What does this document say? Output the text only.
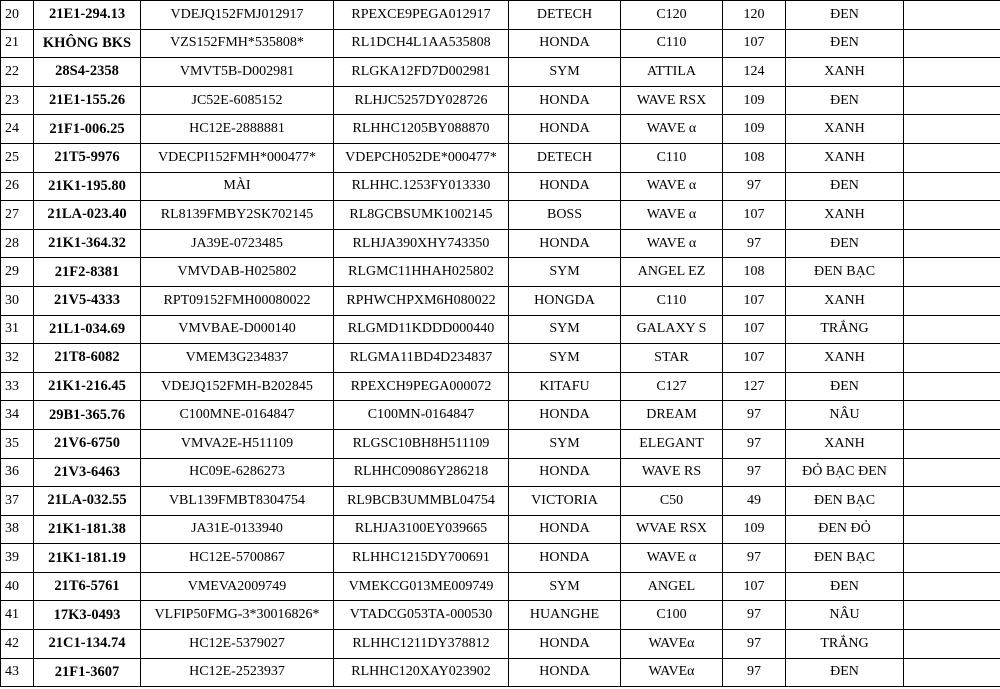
20	21E1-294.13	VDEJQ152FMJ012917	RPEXCE9PEGA012917	DETECH	C120	120	ĐEN	
21	KHÔNG BKS	VZS152FMH*535808*	RL1DCH4L1AA535808	HONDA	C110	107	ĐEN	
22	28S4-2358	VMVT5B-D002981	RLGKA12FD7D002981	SYM	ATTILA	124	XANH	
23	21E1-155.26	JC52E-6085152	RLHJC5257DY028726	HONDA	WAVE RSX	109	ĐEN	
24	21F1-006.25	HC12E-2888881	RLHHC1205BY088870	HONDA	WAVE α	109	XANH	
25	21T5-9976	VDECPI152FMH*000477*	VDEPCH052DE*000477*	DETECH	C110	108	XANH	
26	21K1-195.80	MÀI	RLHHC.1253FY013330	HONDA	WAVE α	97	ĐEN	
27	21LA-023.40	RL8139FMBY2SK702145	RL8GCBSUMK1002145	BOSS	WAVE α	107	XANH	
28	21K1-364.32	JA39E-0723485	RLHJA390XHY743350	HONDA	WAVE α	97	ĐEN	
29	21F2-8381	VMVDAB-H025802	RLGMC11HHAH025802	SYM	ANGEL EZ	108	ĐEN BẠC	
30	21V5-4333	RPT09152FMH00080022	RPHWCHPXM6H080022	HONGDA	C110	107	XANH	
31	21L1-034.69	VMVBAE-D000140	RLGMD11KDDD000440	SYM	GALAXY S	107	TRẮNG	
32	21T8-6082	VMEM3G234837	RLGMA11BD4D234837	SYM	STAR	107	XANH	
33	21K1-216.45	VDEJQ152FMH-B202845	RPEXCH9PEGA000072	KITAFU	C127	127	ĐEN	
34	29B1-365.76	C100MNE-0164847	C100MN-0164847	HONDA	DREAM	97	NÂU	
35	21V6-6750	VMVA2E-H511109	RLGSC10BH8H511109	SYM	ELEGANT	97	XANH	
36	21V3-6463	HC09E-6286273	RLHHC09086Y286218	HONDA	WAVE RS	97	ĐỎ BẠC ĐEN	
37	21LA-032.55	VBL139FMBT8304754	RL9BCB3UMMBL04754	VICTORIA	C50	49	ĐEN BẠC	
38	21K1-181.38	JA31E-0133940	RLHJA3100EY039665	HONDA	WVAE RSX	109	ĐEN ĐỎ	
39	21K1-181.19	HC12E-5700867	RLHHC1215DY700691	HONDA	WAVE α	97	ĐEN BẠC	
40	21T6-5761	VMEVA2009749	VMEKCG013ME009749	SYM	ANGEL	107	ĐEN	
41	17K3-0493	VLFIP50FMG-3*30016826*	VTADCG053TA-000530	HUANGHE	C100	97	NÂU	
42	21C1-134.74	HC12E-5379027	RLHHC1211DY378812	HONDA	WAVEα	97	TRẮNG	
43	21F1-3607	HC12E-2523937	RLHHC120XAY023902	HONDA	WAVEα	97	ĐEN	
